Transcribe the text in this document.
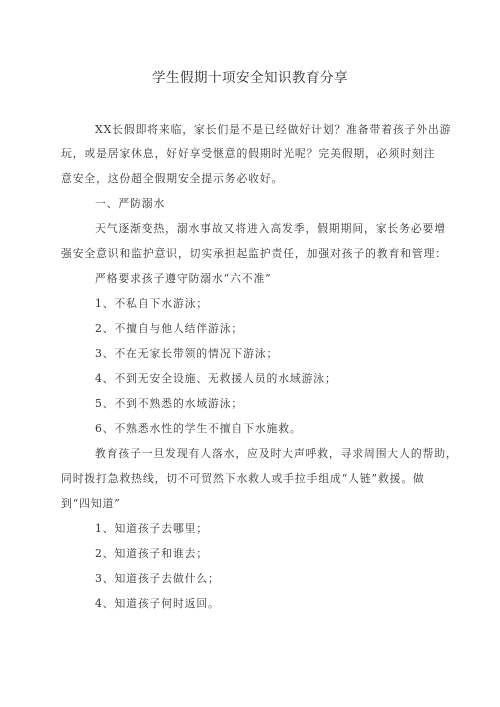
学生假期十项安全知识教育分享
XX长假即将来临，家长们是不是已经做好计划？准备带着孩子外出游
玩，或是居家休息，好好享受惬意的假期时光呢？完美假期，必须时刻注
意安全，这份超全假期安全提示务必收好。
一、严防溺水
天气逐渐变热，溺水事故又将进入高发季，假期期间，家长务必要增
强安全意识和监护意识，切实承担起监护责任，加强对孩子的教育和管理：
严格要求孩子遵守防溺水“六不准”
1、不私自下水游泳；
2、不擅自与他人结伴游泳；
3、不在无家长带领的情况下游泳；
4、不到无安全设施、无救援人员的水域游泳；
5、不到不熟悉的水域游泳；
6、不熟悉水性的学生不擅自下水施救。
教育孩子一旦发现有人落水，应及时大声呼救，寻求周围大人的帮助，
同时拨打急救热线，切不可贸然下水救人或手拉手组成“人链”救援。做
到“四知道”
1、知道孩子去哪里；
2、知道孩子和谁去；
3、知道孩子去做什么；
4、知道孩子何时返回。
